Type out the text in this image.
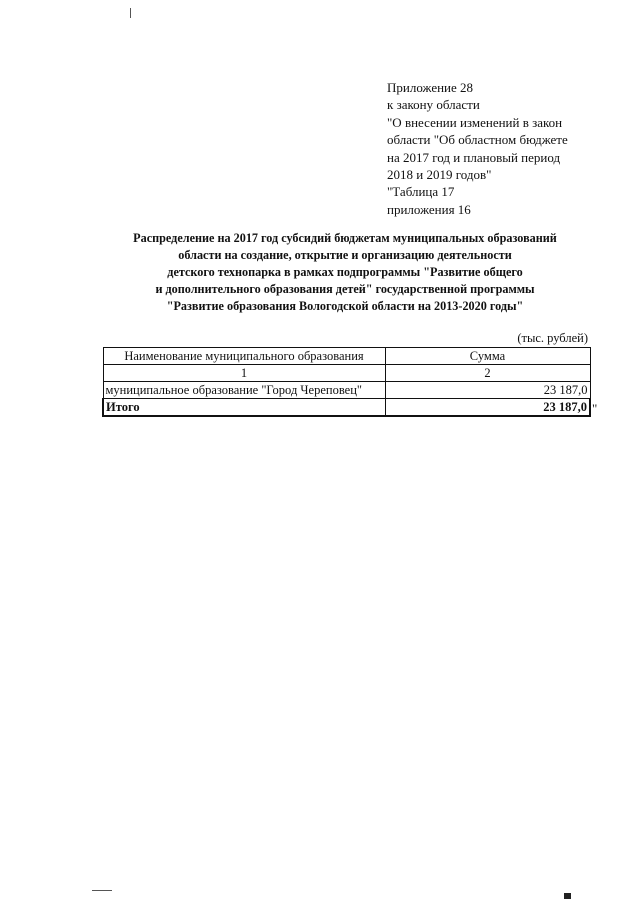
Приложение 28
к закону области
"О внесении изменений в закон
области "Об областном бюджете
на 2017 год и плановый период
2018 и 2019 годов"
"Таблица 17
приложения 16
Распределение на 2017 год субсидий бюджетам муниципальных образований
области на создание, открытие и организацию деятельности
детского технопарка в рамках подпрограммы "Развитие общего
и дополнительного образования детей" государственной программы
"Развитие образования Вологодской области на 2013-2020 годы"
(тыс. рублей)
Наименование муниципального образования	Сумма
1	2
муниципальное образование "Город Череповец"	23 187,0
Итого	23 187,0 "
